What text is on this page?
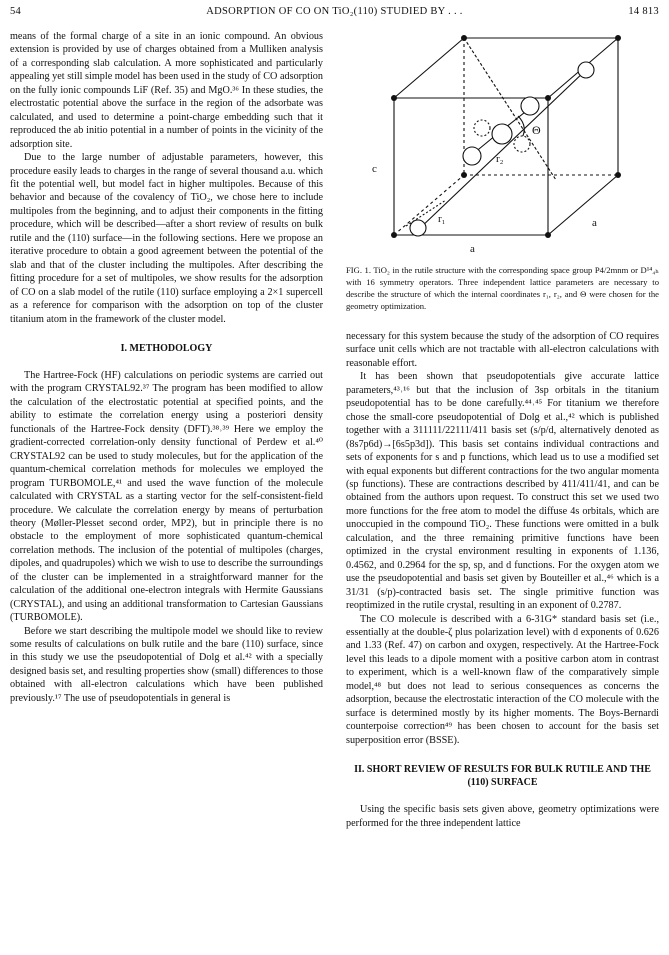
54	ADSORPTION OF CO ON TiO₂(110) STUDIED BY . . .	14 813

means of the formal charge of a site in an ionic compound. An obvious extension is provided by use of charges obtained from a Mulliken analysis of a corresponding slab calculation. A more sophisticated and particularly appealing yet still simple model has been used in the study of CO adsorption on the fully ionic compounds LiF (Ref. 35) and MgO.³⁶ In these studies, the electrostatic potential above the surface in the region of the adsorbate was calculated, and used to determine a point-charge embedding such that it reproduced the ab initio potential in a number of points in the vicinity of the adsorption site.

Due to the large number of adjustable parameters, however, this procedure easily leads to charges in the range of several thousand a.u. which fit the potential well, but model fact in higher multipoles. Because of this behavior and because of the covalency of TiO₂, we chose here to include multipoles from the beginning, and to adjust their components in the fitting procedure, which will be described—after a short review of results on bulk rutile and the (110) surface—in the following sections. Here we propose an iterative procedure to obtain a good agreement between the potential of the slab and that of the cluster including the multipoles. After describing the fitting procedure for a set of multipoles, we show results for the adsorption of CO on a slab model of the rutile (110) surface employing a 2×1 supercell as a reference for comparison with the adsorption on top of the cluster titanium atom in the framework of the cluster model.

I. METHODOLOGY

The Hartree-Fock (HF) calculations on periodic systems are carried out with the program CRYSTAL92.³⁷ The program has been modified to allow the calculation of the electrostatic potential at specified points, and the ability to estimate the correlation energy using a posteriori density functionals of the Hartree-Fock density (DFT).³⁸˒³⁹ Here we employ the gradient-corrected correlation-only density functional of Perdew et al.⁴⁰ CRYSTAL92 can be used to study molecules, but for the application of the quantum-chemical correlation methods for molecules we employed the program TURBOMOLE,⁴¹ and used the wave function of the molecule calculated with CRYSTAL as a starting vector for the self-consistent-field procedure. We calculate the correlation energy by means of perturbation theory (Møller-Plesset second order, MP2), but in principle there is no obstacle to the employment of more sophisticated quantum-chemical correlation methods. The inclusion of the potential of multipoles (charges, dipoles, and quadrupoles) which we wish to use to describe the surroundings of the cluster can be implemented in a straightforward manner for the calculation of the additional one-electron integrals with Hermite Gaussians (CRYSTAL), and using an additional transformation to Cartesian Gaussians (TURBOMOLE).

Before we start describing the multipole model we should like to review some results of calculations on bulk rutile and the bare (110) surface, since in this study we use the pseudopotential of Dolg et al.⁴² with a specially designed basis set, and resulting properties show (small) differences to those obtained with all-electron calculations which have been published previously.¹⁷ The use of pseudopotentials in general is

Θ
r₂
r₁
c
a
a
FIG. 1. TiO₂ in the rutile structure with the corresponding space group P4/2mnm or D¹⁴₄ₕ with 16 symmetry operators. Three independent lattice parameters are necessary to describe the structure of which the internal coordinates r₁, r₂, and Θ were chosen for the geometry optimization.

necessary for this system because the study of the adsorption of CO requires surface unit cells which are not tractable with all-electron calculations with reasonable effort.

It has been shown that pseudopotentials give accurate lattice parameters,⁴³˒¹⁶ but that the inclusion of 3sp orbitals in the titanium pseudopotential has to be done carefully.⁴⁴˒⁴⁵ For titanium we therefore chose the small-core pseudopotential of Dolg et al.,⁴² which is published together with a 311111/22111/411 basis set (s/p/d, alternatively denoted as (8s7p6d)→[6s5p3d]). This basis set contains individual contractions and sets of exponents for s and p functions, which lead us to use a modified set with equal exponents but different contractions for the two angular momenta (sp functions). These are contractions described by 411/411/41, and can be obtained from the authors upon request. To construct this set we used two more functions for the free atom to model the diffuse 4s orbitals, which are unoccupied in the compound TiO₂. These functions were omitted in a bulk calculation, and the three remaining primitive functions have been optimized in the crystal environment resulting in exponents of 1.136, 0.4562, and 0.2964 for the sp, sp, and d functions. For the oxygen atom we use the pseudopotential and basis set given by Bouteiller et al.,⁴⁶ which is a 31/31 (s/p)-contracted basis set. The single primitive function was reoptimized in the rutile crystal, resulting in an exponent of 0.2787.

The CO molecule is described with a 6-31G* standard basis set (i.e., essentially at the double-ζ plus polarization level) with d exponents of 0.626 and 1.33 (Ref. 47) on carbon and oxygen, respectively. At the Hartree-Fock level this leads to a dipole moment with a positive carbon atom in contrast to experiment, which is a well-known flaw of the comparatively simple model,⁴⁸ but does not lead to serious consequences as concerns the adsorption, because the electrostatic interaction of the CO molecule with the surface is determined mostly by its higher moments. The Boys-Bernardi counterpoise correction⁴⁹ has been chosen to account for the basis set superposition error (BSSE).

II. SHORT REVIEW OF RESULTS FOR BULK RUTILE AND THE (110) SURFACE

Using the specific basis sets given above, geometry optimizations were performed for the three independent lattice
